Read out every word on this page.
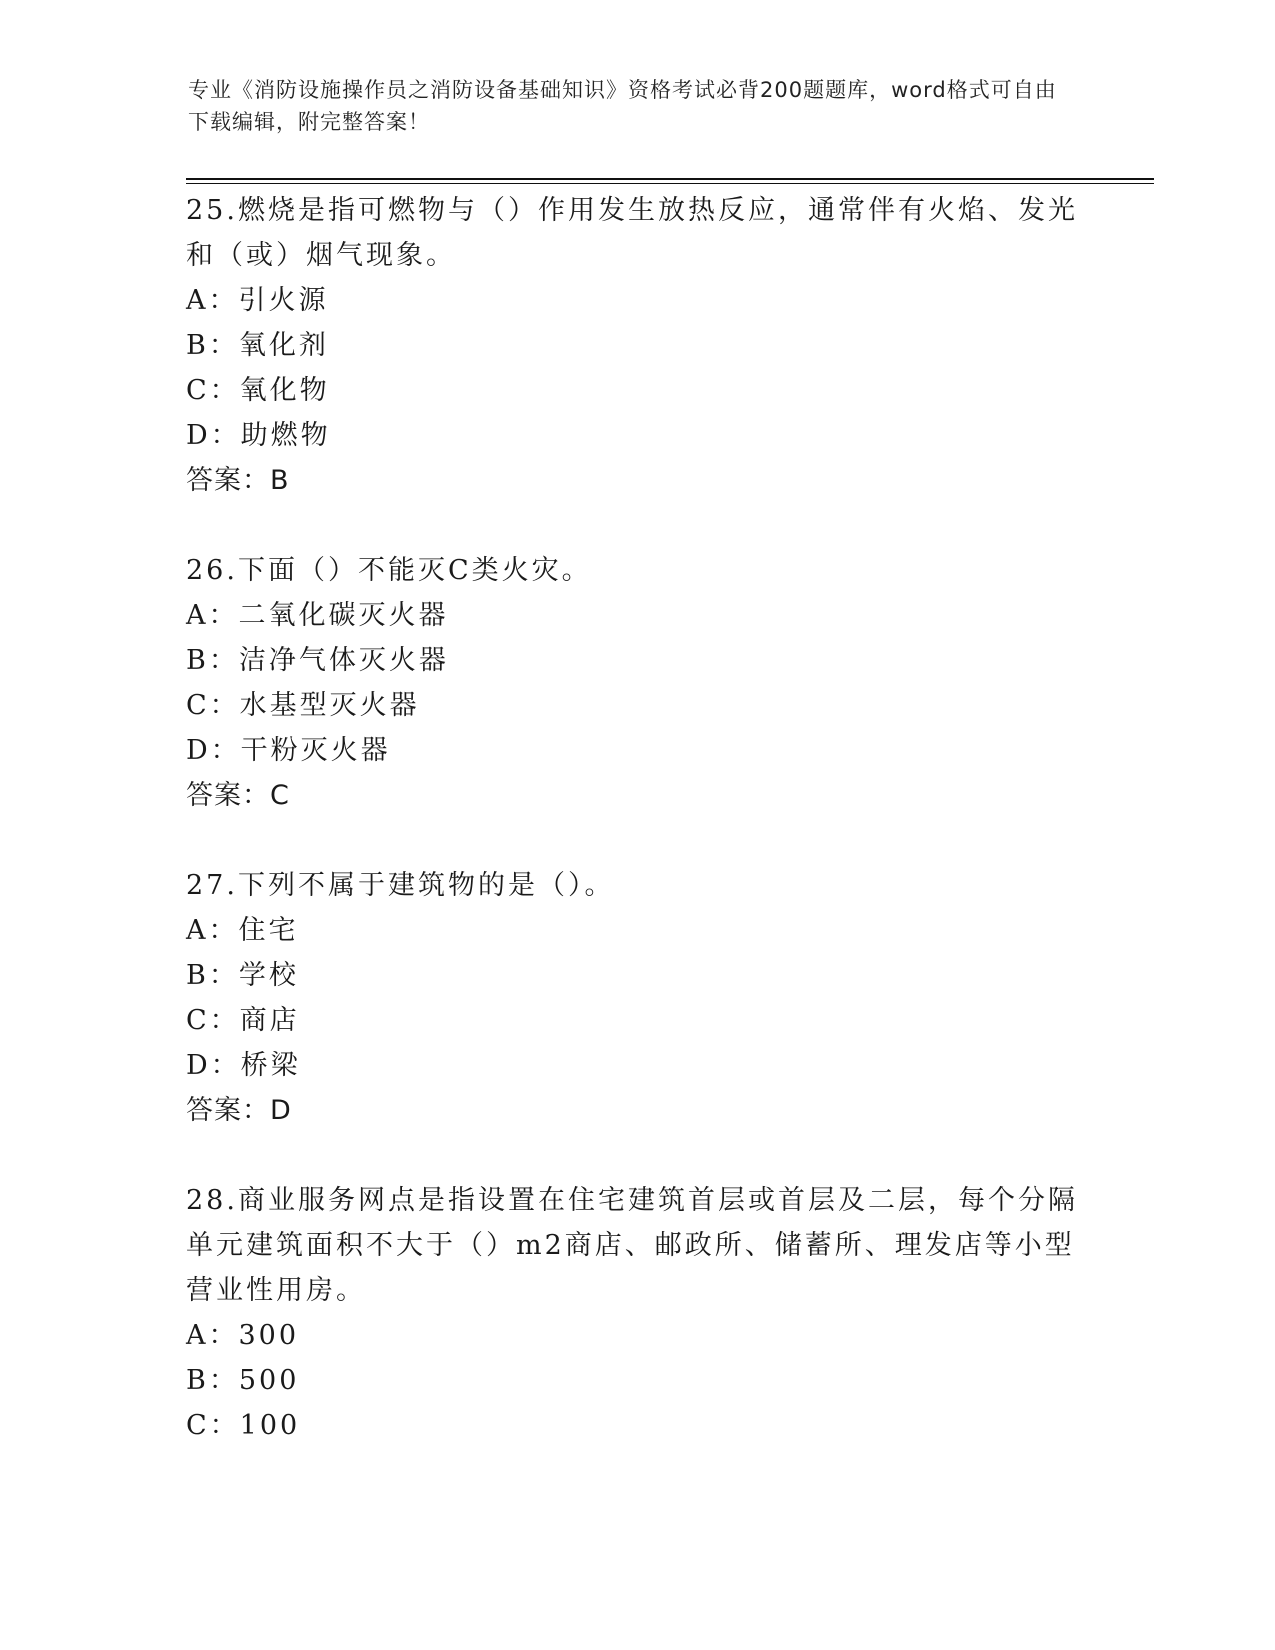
专业《消防设施操作员之消防设备基础知识》资格考试必背200题题库，word格式可自由下载编辑，附完整答案！
25.燃烧是指可燃物与（）作用发生放热反应，通常伴有火焰、发光和（或）烟气现象。
A：引火源
B：氧化剂
C：氧化物
D：助燃物
答案：B
26.下面（）不能灭C类火灾。
A：二氧化碳灭火器
B：洁净气体灭火器
C：水基型灭火器
D：干粉灭火器
答案：C
27.下列不属于建筑物的是（）。
A：住宅
B：学校
C：商店
D：桥梁
答案：D
28.商业服务网点是指设置在住宅建筑首层或首层及二层，每个分隔单元建筑面积不大于（）m2商店、邮政所、储蓄所、理发店等小型营业性用房。
A：300
B：500
C：100
